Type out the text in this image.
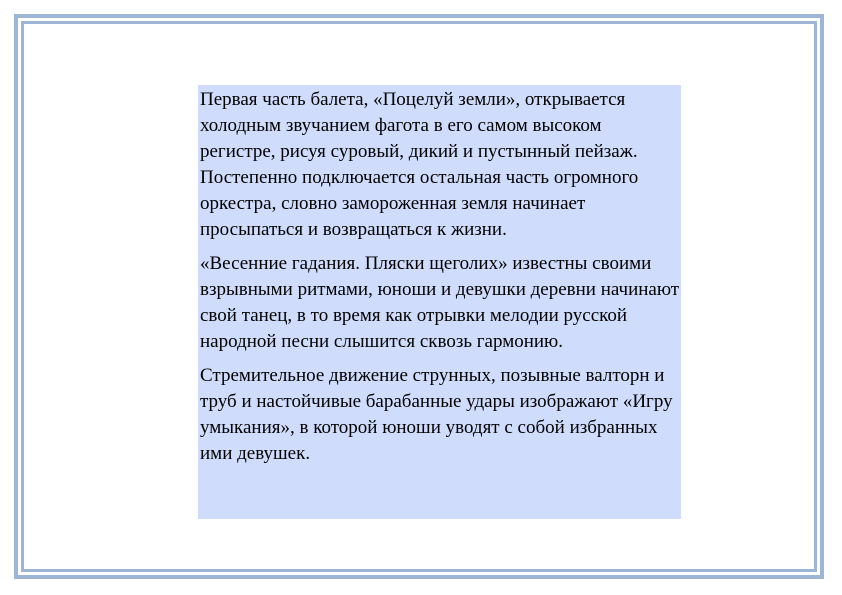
Первая часть балета, «Поцелуй земли», открывается холодным звучанием фагота в его самом высоком регистре, рисуя суровый, дикий и пустынный пейзаж. Постепенно подключается остальная часть огромного оркестра, словно замороженная земля начинает просыпаться и возвращаться к жизни.

«Весенние гадания. Пляски щеголих» известны своими взрывными ритмами, юноши и девушки деревни начинают свой танец, в то время как отрывки мелодии русской народной песни слышится сквозь гармонию.

Стремительное движение струнных, позывные валторн и труб и настойчивые барабанные удары изображают «Игру умыкания», в которой юноши уводят с собой избранных ими девушек.
